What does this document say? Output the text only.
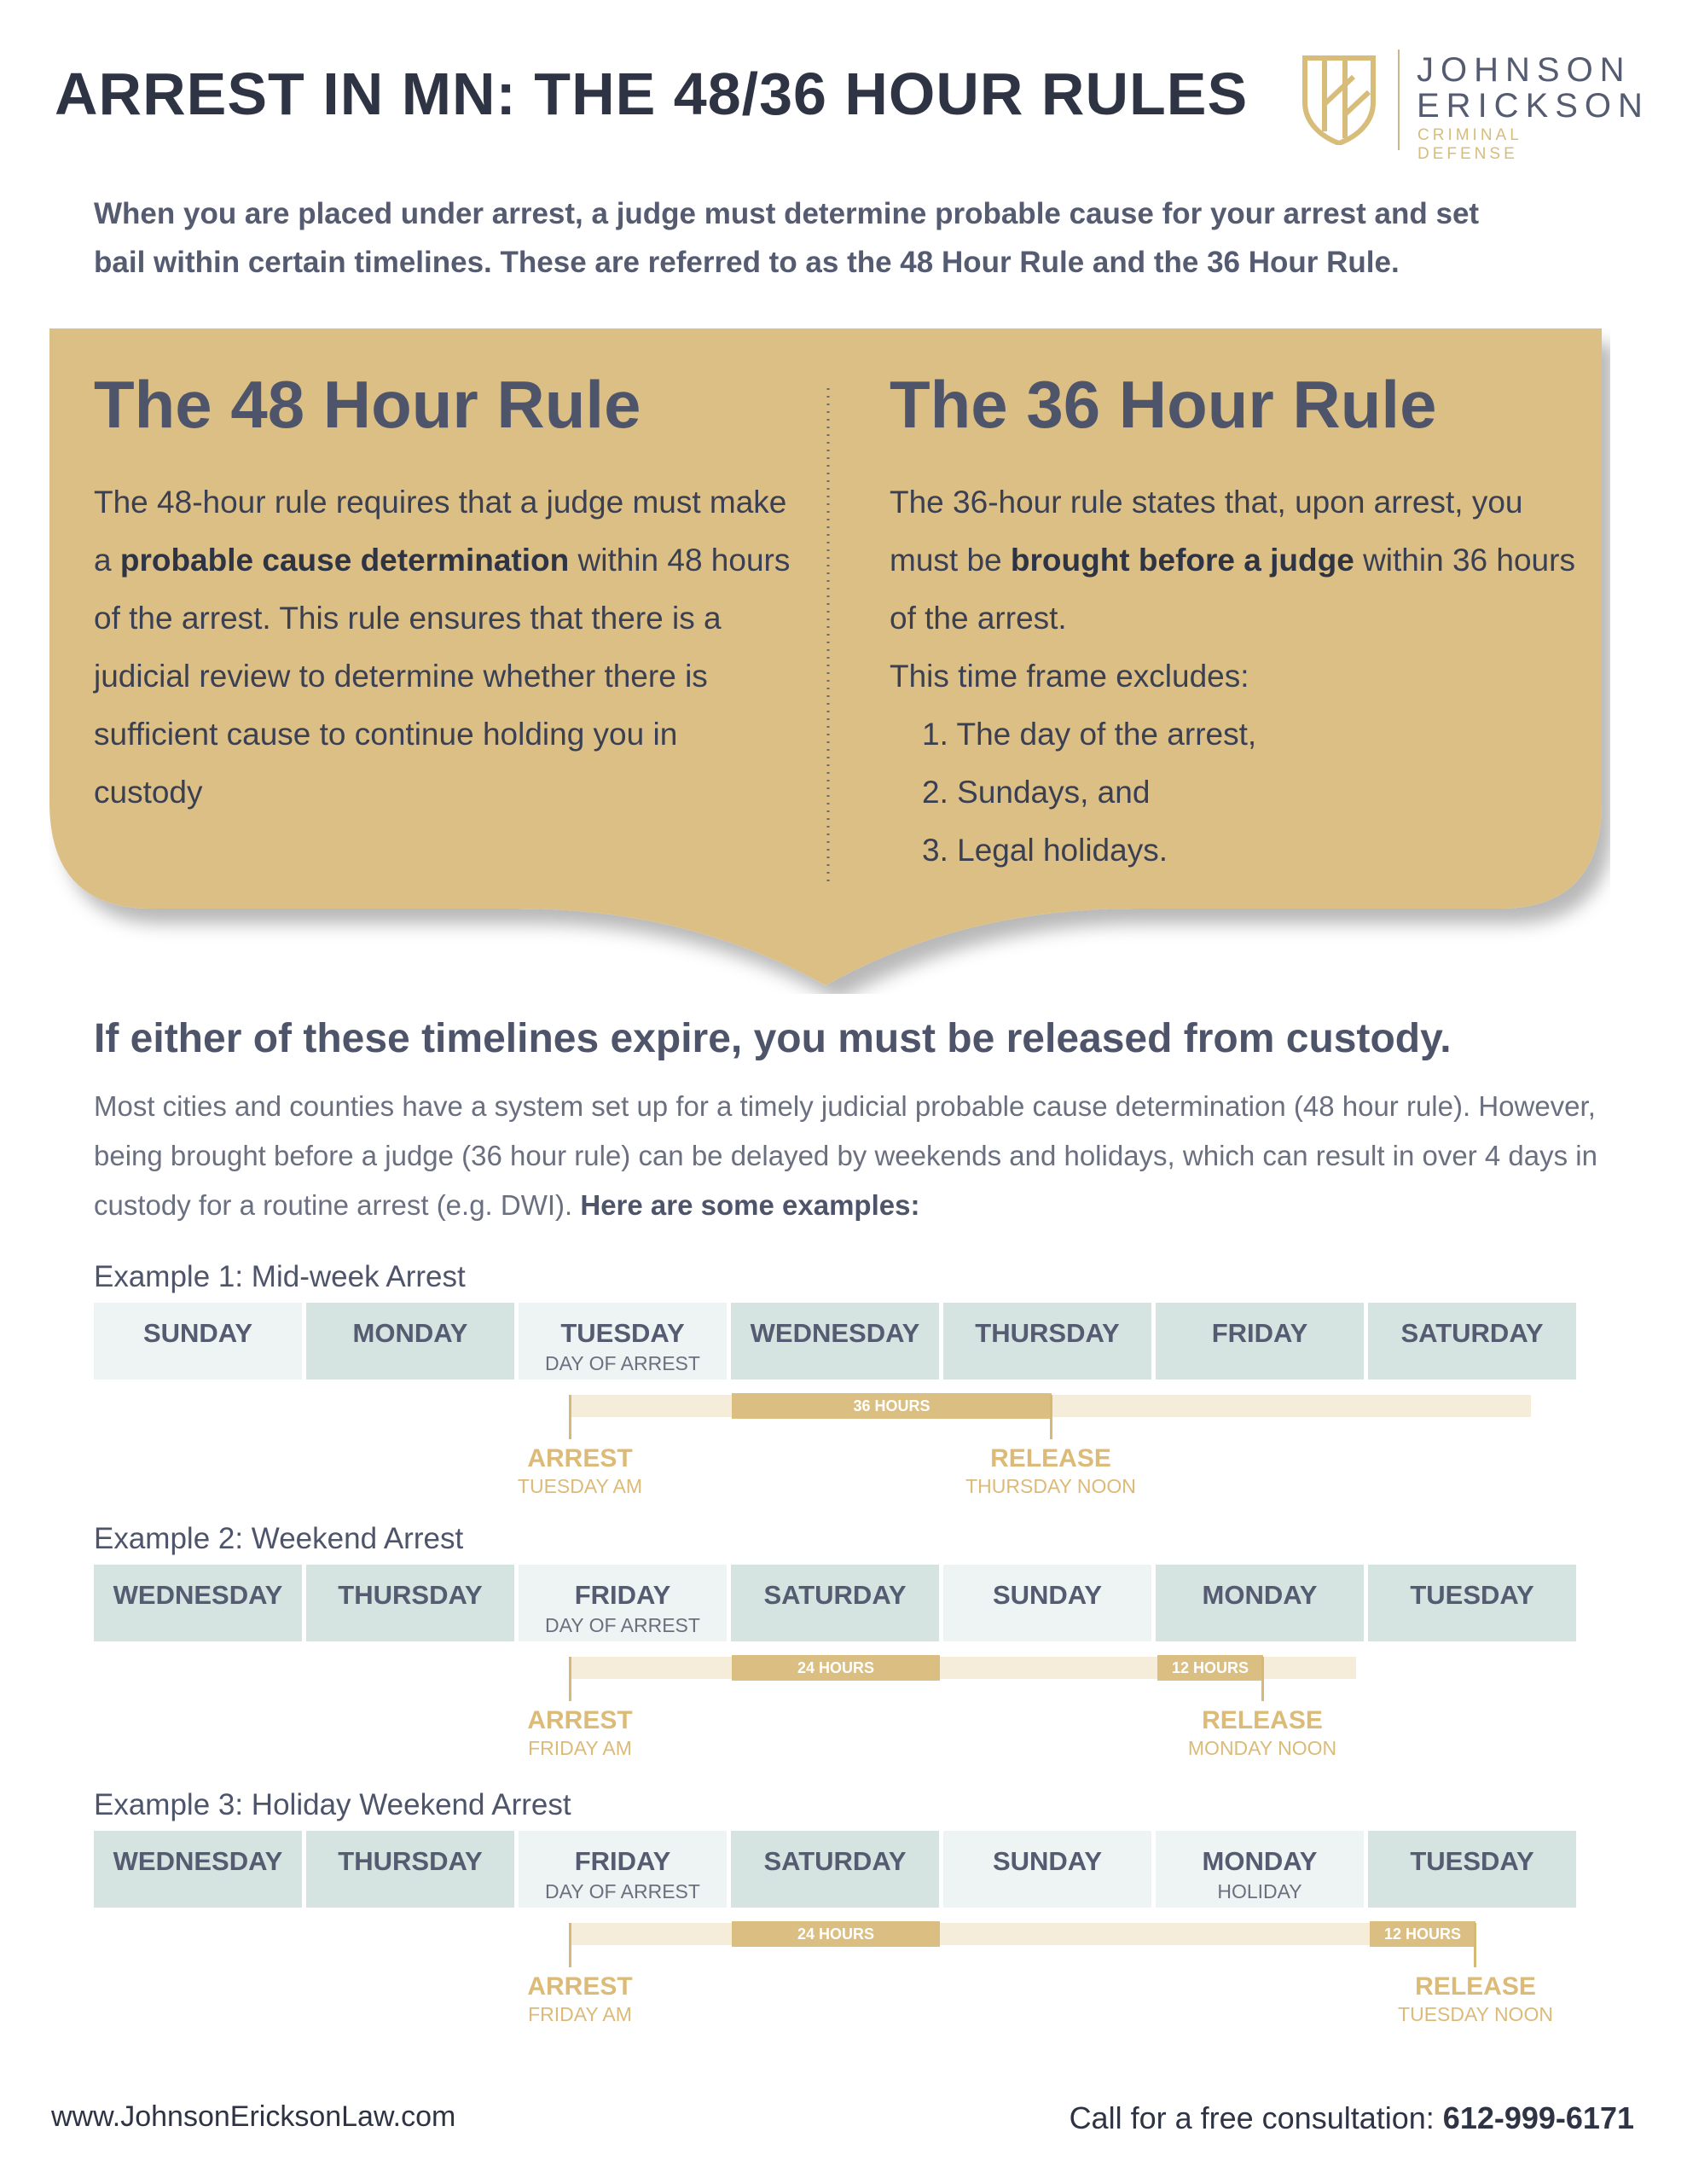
ARREST IN MN: THE 48/36 HOUR RULES	JOHNSON
ERICKSON
CRIMINAL DEFENSE
When you are placed under arrest, a judge must determine probable cause for your arrest and set
bail within certain timelines. These are referred to as the 48 Hour Rule and the 36 Hour Rule.
The 48 Hour Rule
The 48-hour rule requires that a judge must make a probable cause determination within 48 hours of the arrest. This rule ensures that there is a judicial review to determine whether there is sufficient cause to continue holding you in custody
The 36 Hour Rule
The 36-hour rule states that, upon arrest, you must be brought before a judge within 36 hours of the arrest.
This time frame excludes:
1. The day of the arrest,
2. Sundays, and
3. Legal holidays.
If either of these timelines expire, you must be released from custody.
Most cities and counties have a system set up for a timely judicial probable cause determination (48 hour rule). However, being brought before a judge (36 hour rule) can be delayed by weekends and holidays, which can result in over 4 days in custody for a routine arrest (e.g. DWI). Here are some examples:
Example 1: Mid-week Arrest
SUNDAY	MONDAY	TUESDAY
DAY OF ARREST
WEDNESDAY	THURSDAY	FRIDAY	SATURDAY
36 HOURS
ARREST
TUESDAY AM
RELEASE
THURSDAY NOON
Example 2: Weekend Arrest
WEDNESDAY	THURSDAY	FRIDAY
DAY OF ARREST
SATURDAY	SUNDAY	MONDAY	TUESDAY
24 HOURS	12 HOURS
ARREST
FRIDAY AM
RELEASE
MONDAY NOON
Example 3: Holiday Weekend Arrest
WEDNESDAY	THURSDAY	FRIDAY
DAY OF ARREST
SATURDAY	SUNDAY	MONDAY
HOLIDAY
TUESDAY
24 HOURS	12 HOURS
ARREST
FRIDAY AM
RELEASE
TUESDAY NOON
www.JohnsonEricksonLaw.com	Call for a free consultation: 612-999-6171
